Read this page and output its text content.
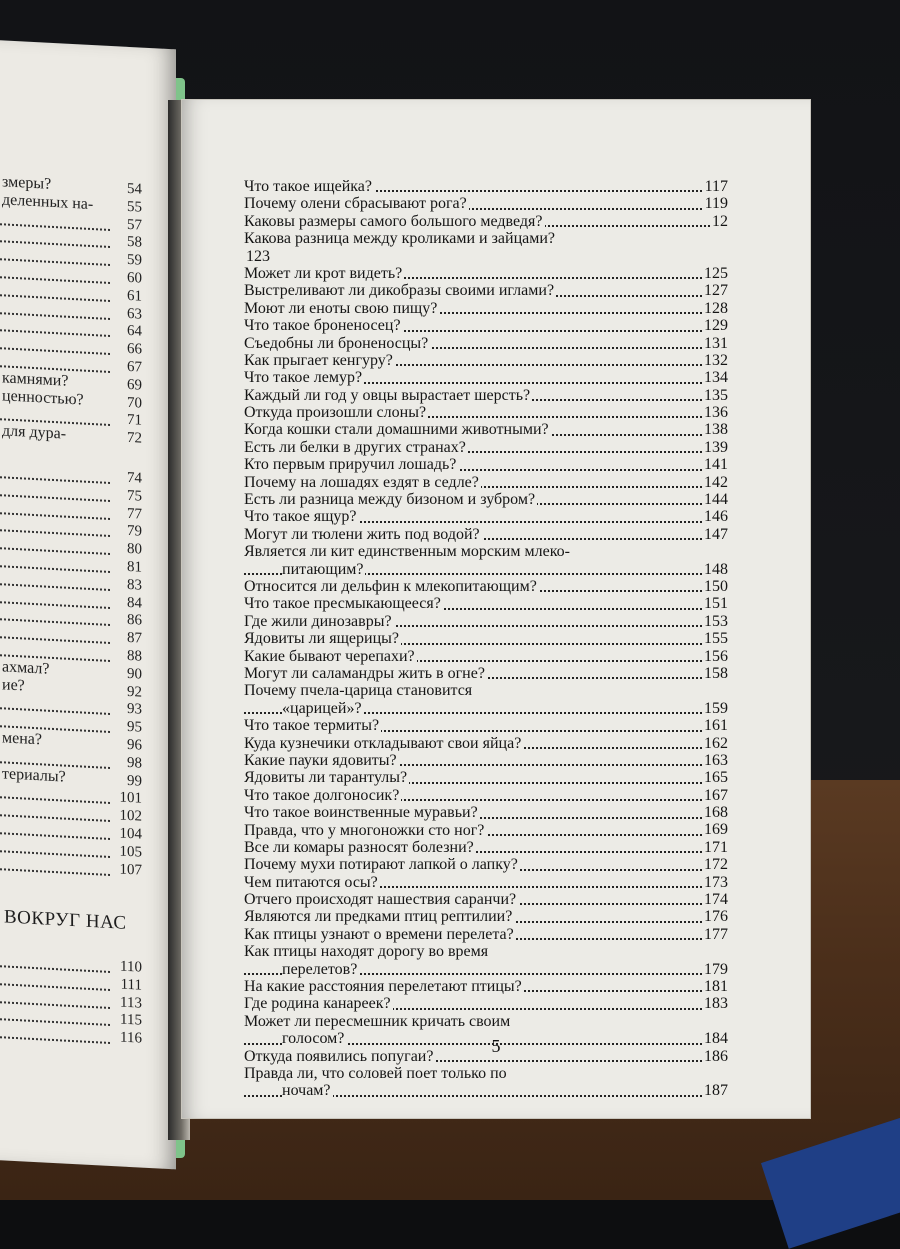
змеры?	54
деленных на- 55
57
58
59
60
61
63
64
66
67
камнями?	69
ценностью?	70
71
для дура-	72
74
75
77
79
80
81
83
84
86
87
88
ахмал?	90
ие?	92
93
95
мена?	96
98
териалы?	99
101
102
104
105
107
ВОКРУГ НАС
110
111
113
115
116
Что такое ищейка?	117
Почему олени сбрасывают рога?	119
Каковы размеры самого большого медведя?	12
Какова разница между кроликами и зайцами?
123
Может ли крот видеть?	125
Выстреливают ли дикобразы своими иглами?	127
Моют ли еноты свою пищу?	128
Что такое броненосец?	129
Съедобны ли броненосцы?	131
Как прыгает кенгуру?	132
Что такое лемур?	134
Каждый ли год у овцы вырастает шерсть?	135
Откуда произошли слоны?	136
Когда кошки стали домашними животными?	138
Есть ли белки в других странах?	139
Кто первым приручил лошадь?	141
Почему на лошадях ездят в седле?	142
Есть ли разница между бизоном и зубром?	144
Что такое ящур?	146
Могут ли тюлени жить под водой?	147
Является ли кит единственным морским млеко-
питающим?	148
Относится ли дельфин к млекопитающим?	150
Что такое пресмыкающееся?	151
Где жили динозавры?	153
Ядовиты ли ящерицы?	155
Какие бывают черепахи?	156
Могут ли саламандры жить в огне?	158
Почему пчела-царица становится
«царицей»?	159
Что такое термиты?	161
Куда кузнечики откладывают свои яйца?	162
Какие пауки ядовиты?	163
Ядовиты ли тарантулы?	165
Что такое долгоносик?	167
Что такое воинственные муравьи?	168
Правда, что у многоножки сто ног?	169
Все ли комары разносят болезни?	171
Почему мухи потирают лапкой о лапку?	172
Чем питаются осы?	173
Отчего происходят нашествия саранчи?	174
Являются ли предками птиц рептилии?	176
Как птицы узнают о времени перелета?	177
Как птицы находят дорогу во время
перелетов?	179
На какие расстояния перелетают птицы?	181
Где родина канареек?	183
Может ли пересмешник кричать своим
голосом?	184
Откуда появились попугаи?	186
Правда ли, что соловей поет только по
ночам?	187
5
